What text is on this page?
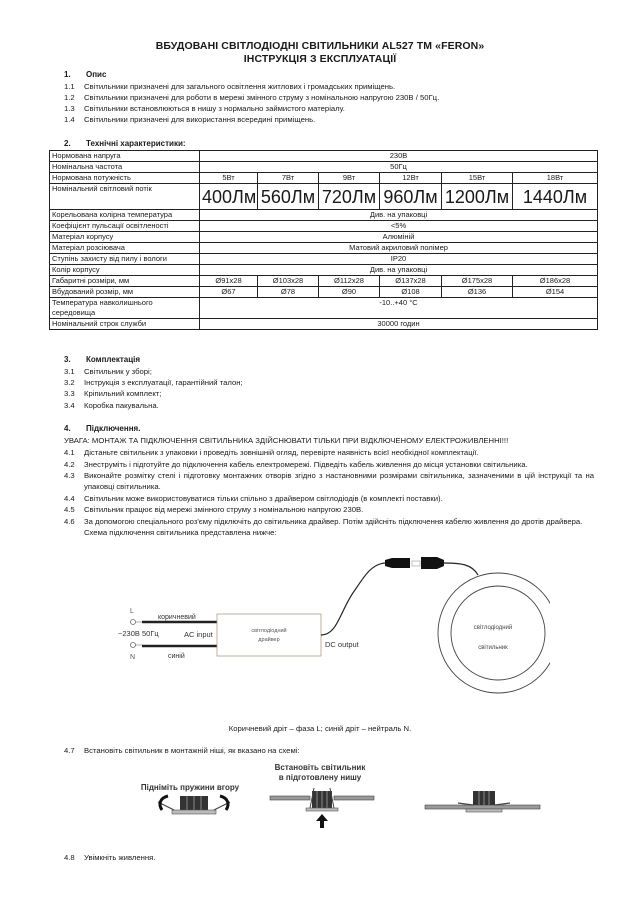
ВБУДОВАНІ СВІТЛОДІОДНІ СВІТИЛЬНИКИ AL527 ТМ «FERON»
ІНСТРУКЦІЯ З ЕКСПЛУАТАЦІЇ
1. Опис
1.1 Світильники призначені для загального освітлення житлових і громадських приміщень.
1.2 Світильники призначені для роботи в мережі змінного струму з номінальною напругою 230В / 50Гц.
1.3 Світильники встановлюються в нишу з нормально займистого матеріалу.
1.4 Світильники призначені для використання всередині приміщень.
2. Технічні характеристики:
Нормована напруга	230В					
Номінальна частота	50Гц					
Нормована потужність	5Вт	7Вт	9Вт	12Вт	15Вт	18Вт
Номінальний світловий потік	400Лм	560Лм	720Лм	960Лм	1200Лм	1440Лм
Корельована колірна температура	Див. на упаковці					
Коефіцієнт пульсації освітленості	<5%					
Матеріал корпусу	Алюміній					
Матеріал розсіювача	Матовий акриловий полімер					
Ступінь захисту від пилу і вологи	IP20					
Колір корпусу	Див. на упаковці					
Габаритні розміри, мм	Ø91x28	Ø103x28	Ø112x28	Ø137x28	Ø175x28	Ø186x28
Вбудований розмір, мм	Ø67	Ø78	Ø90	Ø108	Ø136	Ø154
Температура навколишнього середовища	-10..+40 °C					
Номінальний строк служби	30000 годин					
3. Комплектація
3.1 Світильник у зборі;
3.2 Інструкція з експлуатації, гарантійний талон;
3.3 Кріпильний комплект;
3.4 Коробка пакувальна.
4. Підключення.
УВАГА: МОНТАЖ ТА ПІДКЛЮЧЕННЯ СВІТИЛЬНИКА ЗДІЙСНЮВАТИ ТІЛЬКИ ПРИ ВІДКЛЮЧЕНОМУ ЕЛЕКТРОЖИВЛЕННІ!!!
4.1 Дістаньте світильник з упаковки і проведіть зовнішній огляд, перевірте наявність всієї необхідної комплектації.
4.2 Знеструміть і підготуйте до підключення кабель електромережі. Підведіть кабель живлення до місця установки світильника.
4.3 Виконайте розмітку стелі і підготовку монтажних отворів згідно з настановними розмірами світильника, зазначеними в цій інструкції та на упаковці світильника.
4.4 Світильник може використовуватися тільки спільно з драйвером світлодіодів (в комплекті поставки).
4.5 Світильник працює від мережі змінного струму з номінальною напругою 230В.
4.6 За допомогою спеціального роз'єму підключіть до світильника драйвер. Потім здійсніть підключення кабелю живлення до дротів драйвера. Схема підключення світильника представлена нижче:
L
N
~230В 50Гц
коричневий
синій
AC input	світлодіодний
драйвер	DC output
світлодіодний
світильник
Коричневий дріт – фаза L; синій дріт – нейтраль N.
4.7 Встановіть світильник в монтажній ніші, як вказано на схемі:
Підніміть пружини вгору
Встановіть світильник
в підготовлену нишу
4.8 Увімкніть живлення.
